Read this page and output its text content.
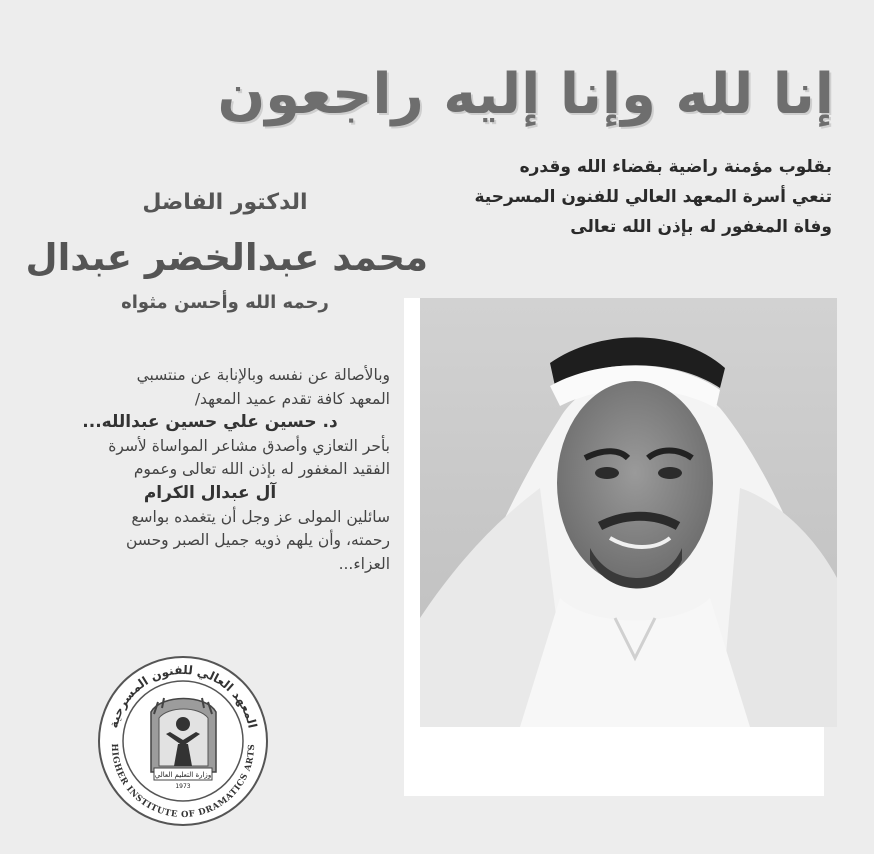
إنا لله وإنا إليه راجعون
بقلوب مؤمنة راضية بقضاء الله وقدره
تنعي أسرة المعهد العالي للفنون المسرحية
وفاة المغفور له بإذن الله تعالى
الدكتور الفاضل
محمد عبدالخضر عبدال
رحمه الله وأحسن مثواه
وبالأصالة عن نفسه وبالإنابة عن منتسبي
المعهد كافة تقدم عميد المعهد/
د. حسين علي حسين عبدالله...
بأحر التعازي وأصدق مشاعر المواساة لأسرة
الفقيد المغفور له بإذن الله تعالى وعموم
آل عبدال الكرام
سائلين المولى عز وجل أن يتغمده بواسع
رحمته، وأن يلهم ذويه جميل الصبر وحسن
العزاء...
المعهد العالي للفنون المسرحية
HIGHER INSTITUTE OF DRAMATICS ARTS
وزارة التعليم العالي
1973
